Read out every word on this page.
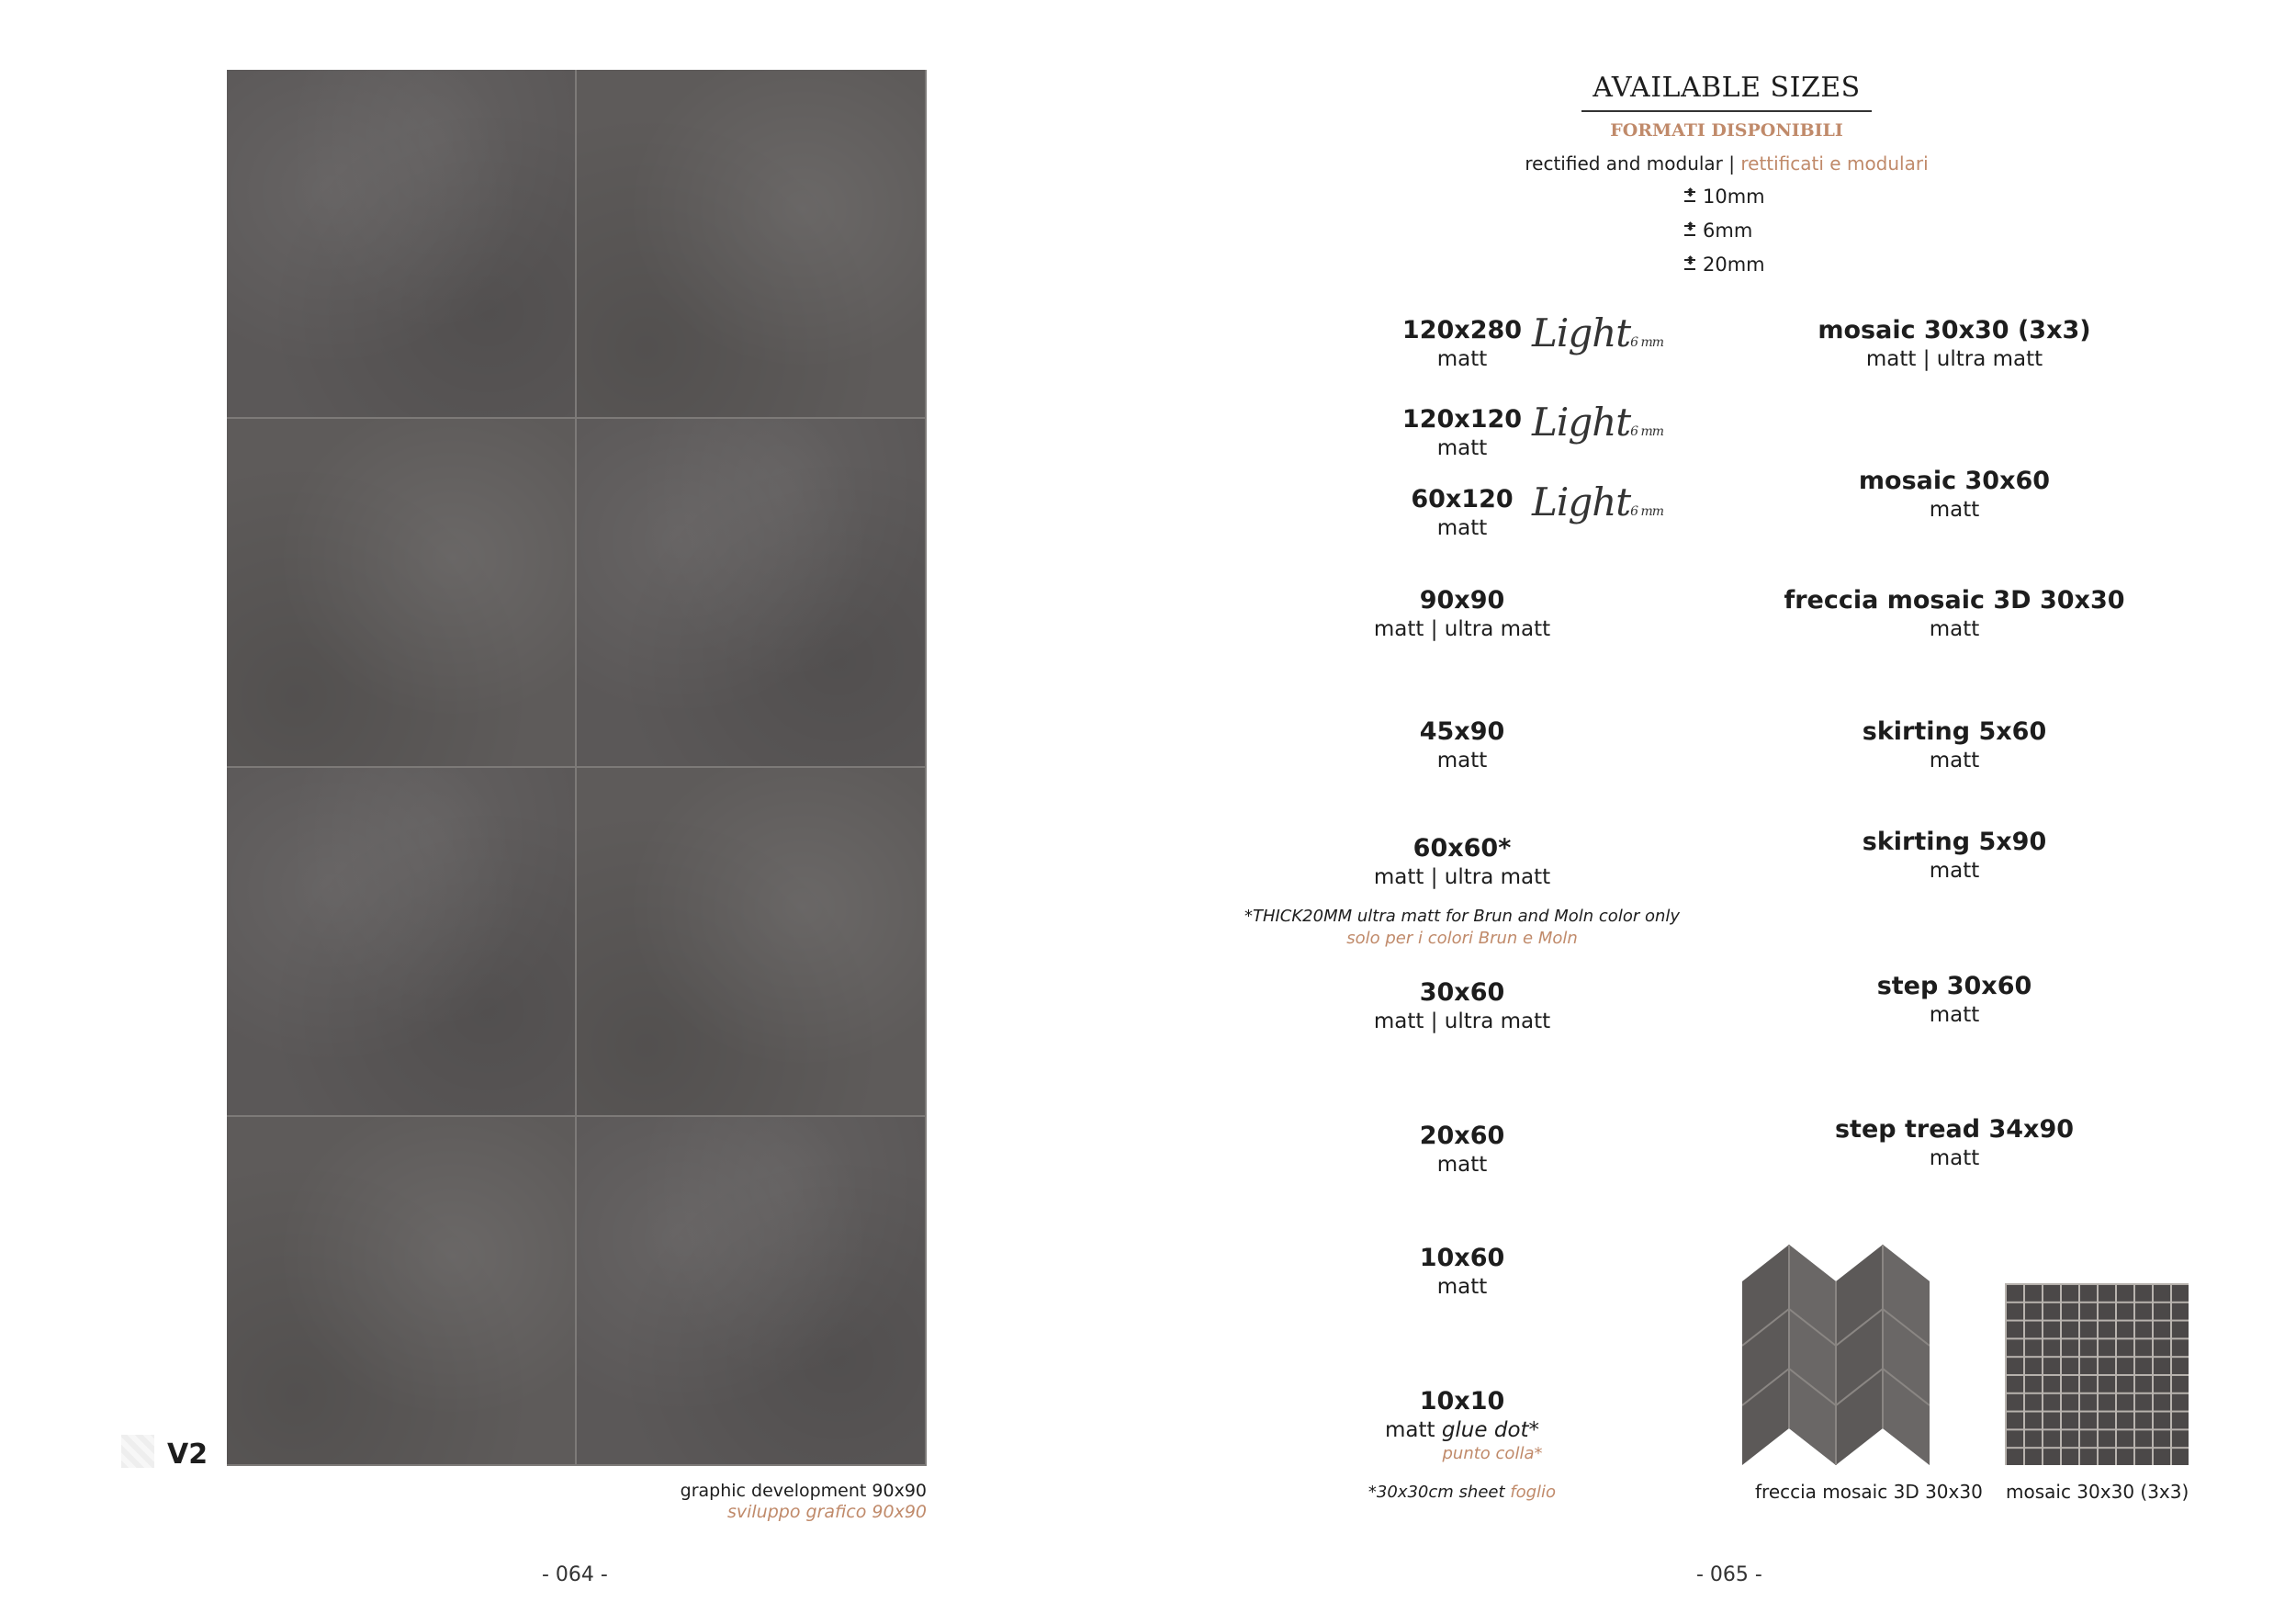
V2
graphic development 90x90
sviluppo grafico 90x90
- 064 -
AVAILABLE SIZES
FORMATI DISPONIBILI
rectified and modular | rettificati e modulari
⬍
10mm
⬍
6mm
⬍
20mm
120x280
matt
Light6 mm
120x120
matt
Light6 mm
60x120
matt
Light6 mm
90x90
matt | ultra matt
45x90
matt
60x60*
matt | ultra matt
*THICK20MM ultra matt for Brun and Moln color only
solo per i colori Brun e Moln
30x60
matt | ultra matt
20x60
matt
10x60
matt
10x10
matt glue dot*
punto colla*
*30x30cm sheet foglio
mosaic 30x30 (3x3)
matt | ultra matt
mosaic 30x60
matt
freccia mosaic 3D 30x30
matt
skirting 5x60
matt
skirting 5x90
matt
step 30x60
matt
step tread 34x90
matt
freccia mosaic 3D 30x30 mosaic 30x30 (3x3)
- 065 -
